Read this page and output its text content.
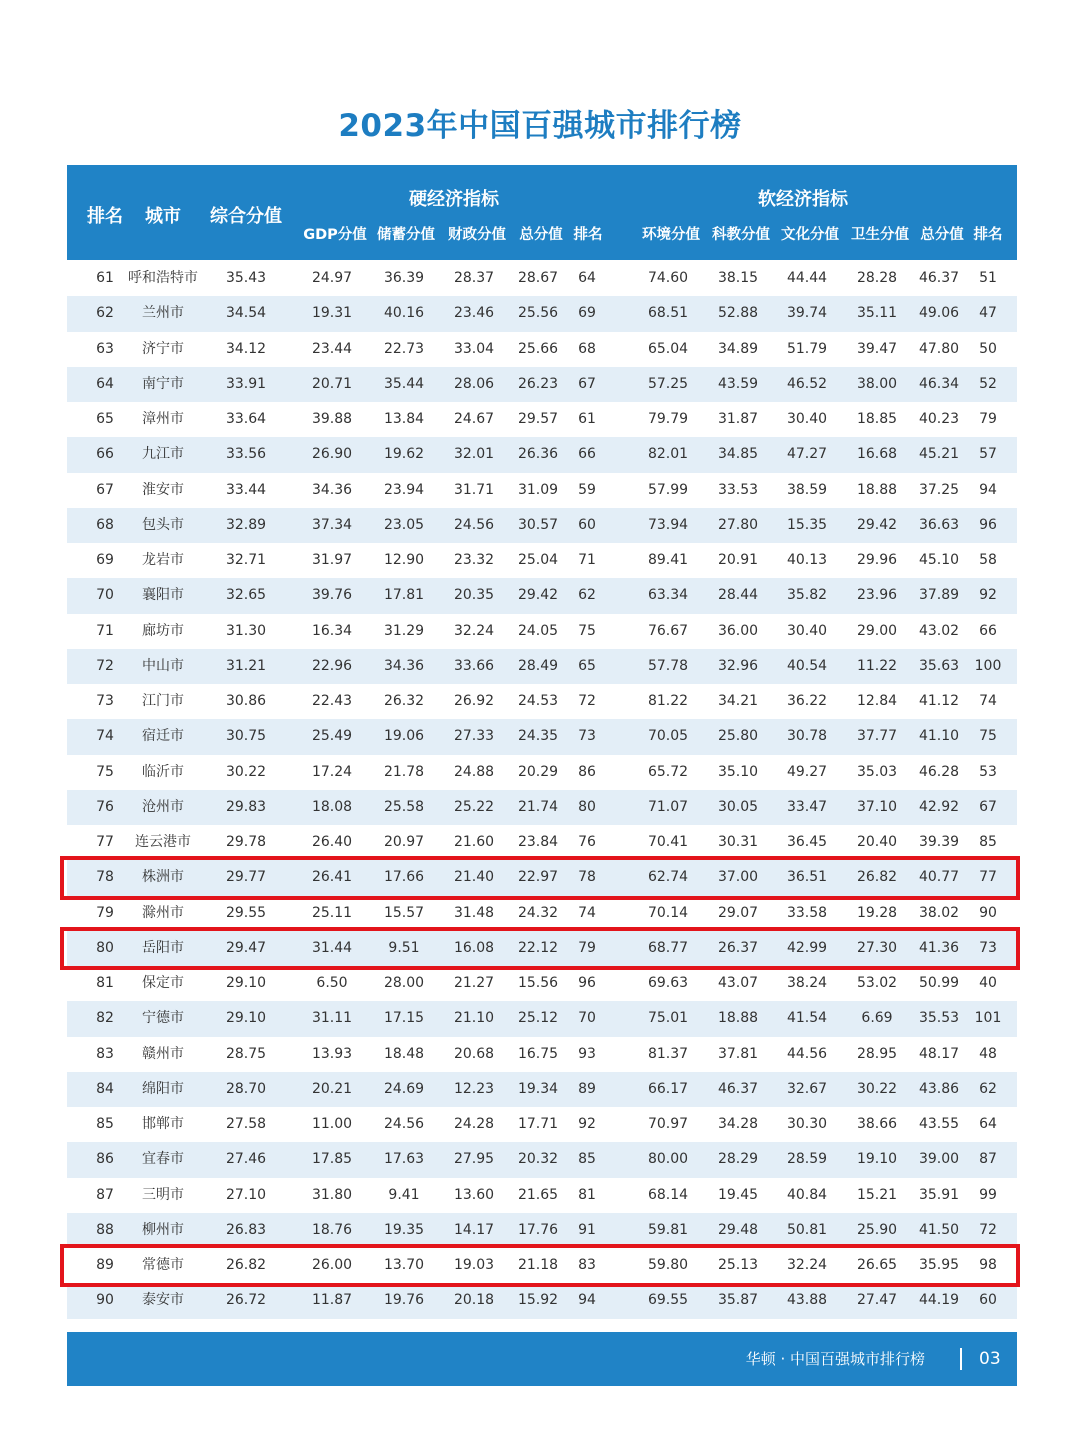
2023年中国百强城市排行榜
排名 城市 综合分值
硬经济指标	软经济指标
GDP分值 储蓄分值 财政分值 总分值 排名	环境分值 科教分值 文化分值 卫生分值 总分值 排名
61 呼和浩特市 35.43	24.97 36.39 28.37 28.67 64	74.60 38.15 44.44 28.28 46.37 51
62 兰州市	34.54	19.31 40.16 23.46 25.56 69	68.51 52.88 39.74 35.11 49.06 47
63 济宁市	34.12	23.44 22.73 33.04 25.66 68	65.04 34.89 51.79 39.47 47.80 50
64 南宁市	33.91	20.71 35.44 28.06 26.23 67	57.25 43.59 46.52 38.00 46.34 52
65 漳州市	33.64	39.88 13.84 24.67 29.57 61	79.79 31.87 30.40 18.85 40.23 79
66 九江市	33.56	26.90 19.62 32.01 26.36 66	82.01 34.85 47.27 16.68 45.21 57
67 淮安市	33.44	34.36 23.94 31.71 31.09 59	57.99 33.53 38.59 18.88 37.25 94
68 包头市	32.89	37.34 23.05 24.56 30.57 60	73.94 27.80 15.35 29.42 36.63 96
69 龙岩市	32.71	31.97 12.90 23.32 25.04 71	89.41 20.91 40.13 29.96 45.10 58
70 襄阳市	32.65	39.76 17.81 20.35 29.42 62	63.34 28.44 35.82 23.96 37.89 92
71 廊坊市	31.30	16.34 31.29 32.24 24.05 75	76.67 36.00 30.40 29.00 43.02 66
72 中山市	31.21	22.96 34.36 33.66 28.49 65	57.78 32.96 40.54 11.22 35.63 100
73 江门市	30.86	22.43 26.32 26.92 24.53 72	81.22 34.21 36.22 12.84 41.12 74
74 宿迁市	30.75	25.49 19.06 27.33 24.35 73	70.05 25.80 30.78 37.77 41.10 75
75 临沂市	30.22	17.24 21.78 24.88 20.29 86	65.72 35.10 49.27 35.03 46.28 53
76 沧州市	29.83	18.08 25.58 25.22 21.74 80	71.07 30.05 33.47 37.10 42.92 67
77 连云港市 29.78	26.40 20.97 21.60 23.84 76	70.41 30.31 36.45 20.40 39.39 85
78 株洲市	29.77	26.41 17.66 21.40 22.97 78	62.74 37.00 36.51 26.82 40.77 77
79 滁州市	29.55	25.11 15.57 31.48 24.32 74	70.14 29.07 33.58 19.28 38.02 90
80 岳阳市	29.47	31.44	9.51 16.08 22.12 79	68.77 26.37 42.99 27.30 41.36 73
81 保定市	29.10	6.50	28.00 21.27 15.56 96	69.63 43.07 38.24 53.02 50.99 40
82 宁德市	29.10	31.11 17.15 21.10 25.12 70	75.01 18.88 41.54 6.69 35.53 101
83 赣州市	28.75	13.93 18.48 20.68 16.75 93	81.37 37.81 44.56 28.95 48.17 48
84 绵阳市	28.70	20.21 24.69 12.23 19.34 89	66.17 46.37 32.67 30.22 43.86 62
85 邯郸市	27.58	11.00 24.56 24.28 17.71 92	70.97 34.28 30.30 38.66 43.55 64
86 宜春市	27.46	17.85 17.63 27.95 20.32 85	80.00 28.29 28.59 19.10 39.00 87
87 三明市	27.10	31.80	9.41 13.60 21.65 81	68.14 19.45 40.84 15.21 35.91 99
88 柳州市	26.83	18.76 19.35 14.17 17.76 91	59.81 29.48 50.81 25.90 41.50 72
89 常德市	26.82	26.00 13.70 19.03 21.18 83	59.80 25.13 32.24 26.65 35.95 98
90 泰安市	26.72	11.87 19.76 20.18 15.92 94	69.55 35.87 43.88 27.47 44.19 60
华顿 · 中国百强城市排行榜	03
